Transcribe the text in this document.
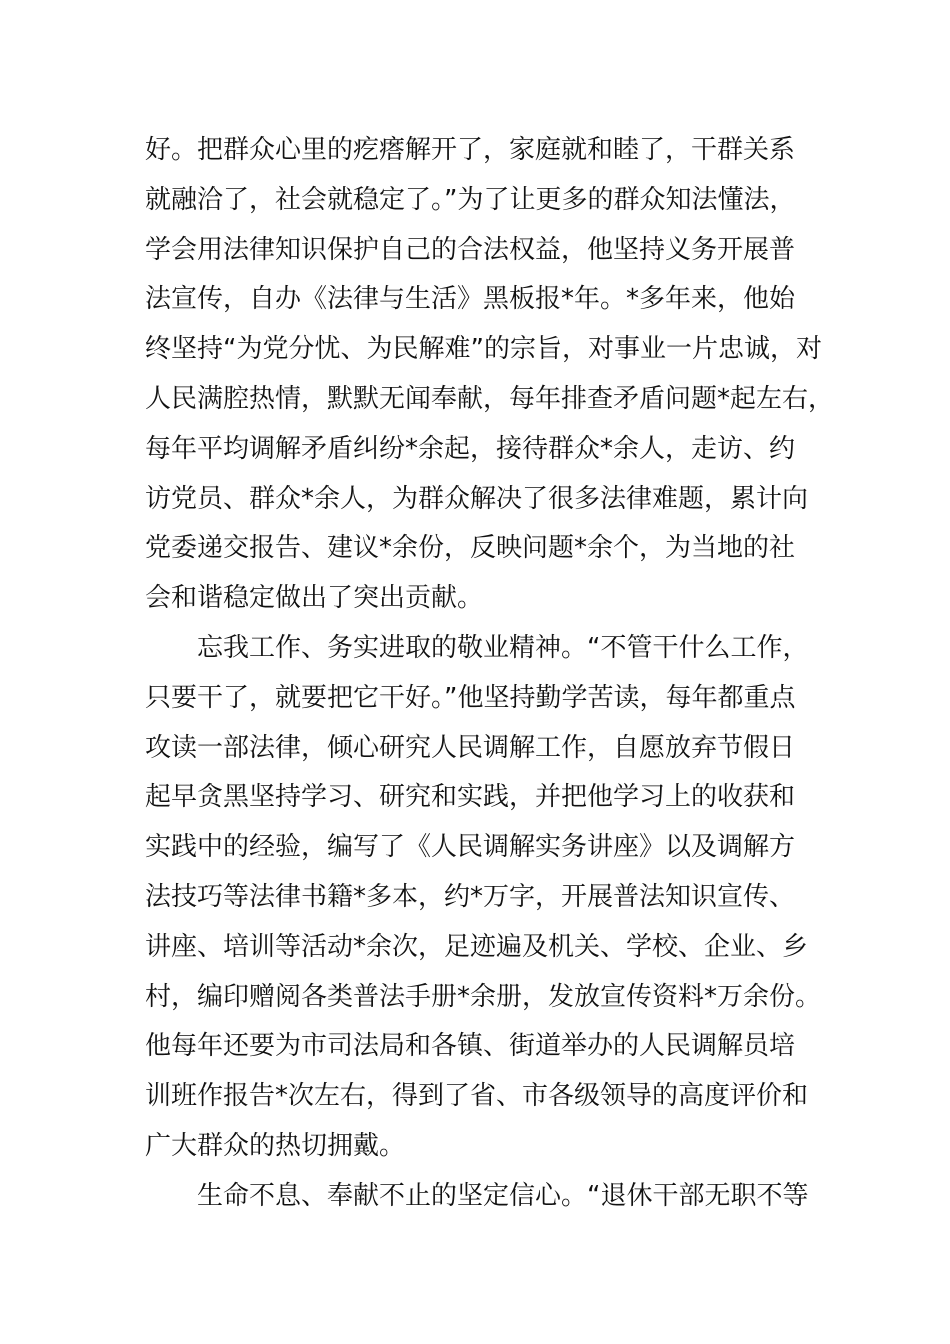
好。把群众心里的疙瘩解开了，家庭就和睦了，干群关系
就融洽了，社会就稳定了。”为了让更多的群众知法懂法，
学会用法律知识保护自己的合法权益，他坚持义务开展普
法宣传，自办《法律与生活》黑板报*年。*多年来，他始
终坚持“为党分忧、为民解难”的宗旨，对事业一片忠诚，对
人民满腔热情，默默无闻奉献，每年排查矛盾问题*起左右，
每年平均调解矛盾纠纷*余起，接待群众*余人，走访、约
访党员、群众*余人，为群众解决了很多法律难题，累计向
党委递交报告、建议*余份，反映问题*余个，为当地的社
会和谐稳定做出了突出贡献。
忘我工作、务实进取的敬业精神。“不管干什么工作，
只要干了，就要把它干好。”他坚持勤学苦读，每年都重点
攻读一部法律，倾心研究人民调解工作，自愿放弃节假日
起早贪黑坚持学习、研究和实践，并把他学习上的收获和
实践中的经验，编写了《人民调解实务讲座》以及调解方
法技巧等法律书籍*多本，约*万字，开展普法知识宣传、
讲座、培训等活动*余次，足迹遍及机关、学校、企业、乡
村，编印赠阅各类普法手册*余册，发放宣传资料*万余份。
他每年还要为市司法局和各镇、街道举办的人民调解员培
训班作报告*次左右，得到了省、市各级领导的高度评价和
广大群众的热切拥戴。
生命不息、奉献不止的坚定信心。“退休干部无职不等
